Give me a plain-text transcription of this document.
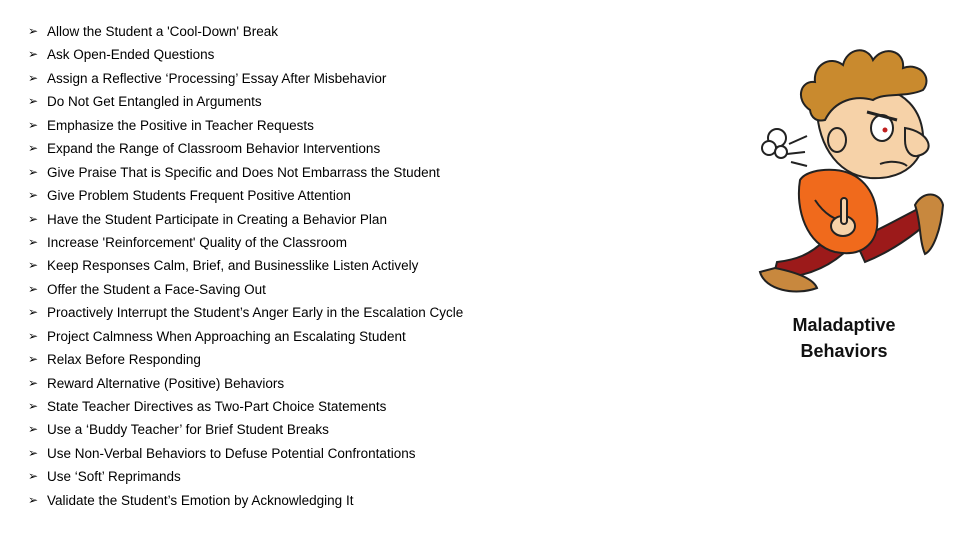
➢ Allow the Student a 'Cool-Down' Break
➢ Ask Open-Ended Questions
➢ Assign a Reflective ‘Processing’ Essay After Misbehavior
➢ Do Not Get Entangled in Arguments
➢ Emphasize the Positive in Teacher Requests
➢ Expand the Range of Classroom Behavior Interventions
➢ Give Praise That is Specific and Does Not Embarrass the Student
➢ Give Problem Students Frequent Positive Attention
➢ Have the Student Participate in Creating a Behavior Plan
➢ Increase 'Reinforcement' Quality of the Classroom
➢ Keep Responses Calm, Brief, and Businesslike Listen Actively
➢ Offer the Student a Face-Saving Out
➢ Proactively Interrupt the Student’s Anger Early in the Escalation Cycle
➢ Project Calmness When Approaching an Escalating Student
➢ Relax Before Responding
➢ Reward Alternative (Positive) Behaviors
➢ State Teacher Directives as Two-Part Choice Statements
➢ Use a ‘Buddy Teacher’ for Brief Student Breaks
➢ Use Non-Verbal Behaviors to Defuse Potential Confrontations
➢ Use ‘Soft’ Reprimands
➢ Validate the Student’s Emotion by Acknowledging It
Maladaptive
Behaviors
